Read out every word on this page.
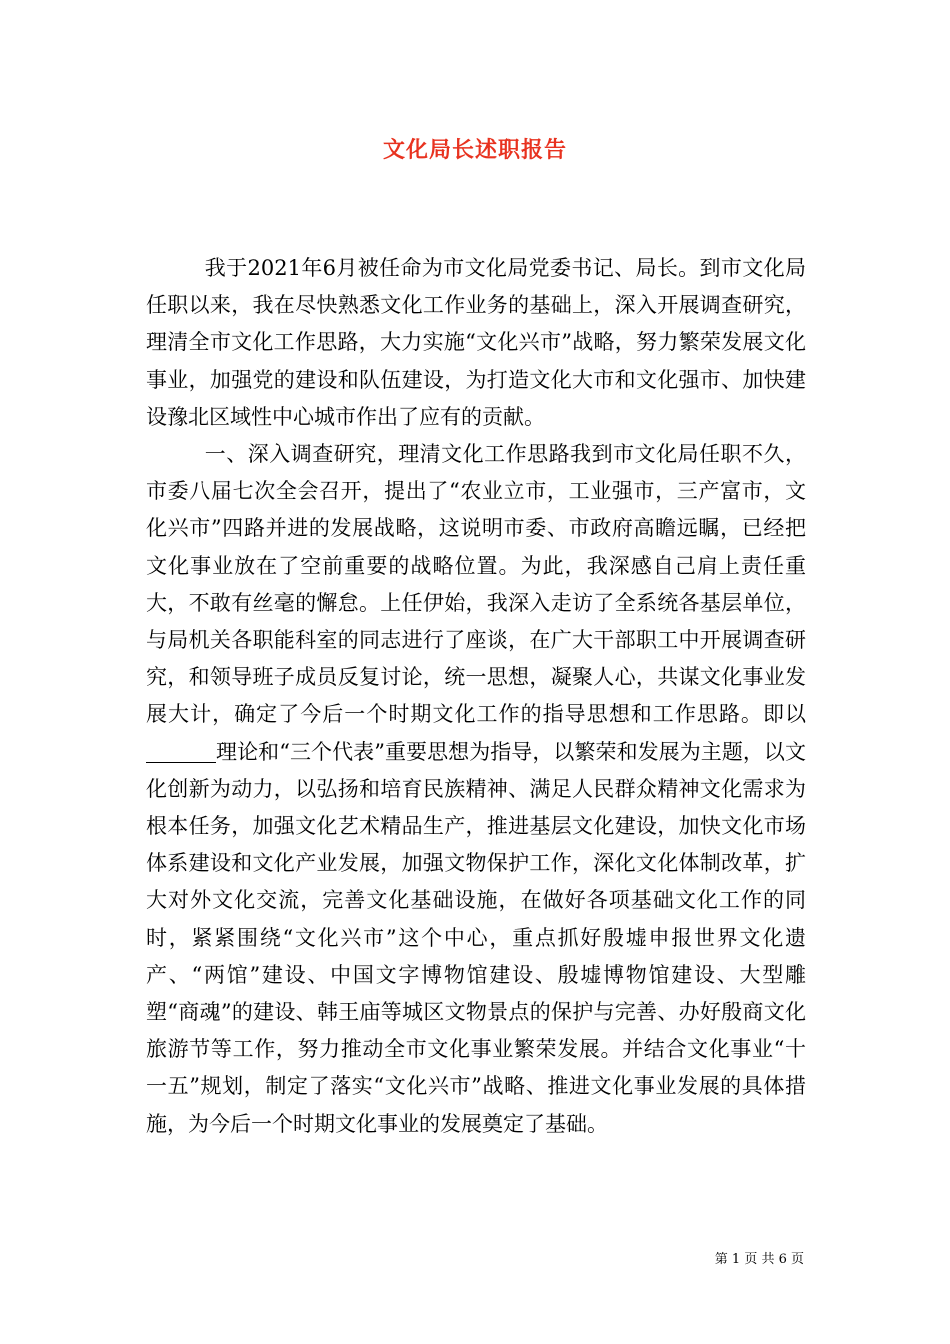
文化局长述职报告

我于2021年6月被任命为市文化局党委书记、局长。到市文化局任职以来，我在尽快熟悉文化工作业务的基础上，深入开展调查研究，理清全市文化工作思路，大力实施“文化兴市”战略，努力繁荣发展文化事业，加强党的建设和队伍建设，为打造文化大市和文化强市、加快建设豫北区域性中心城市作出了应有的贡献。

一、深入调查研究，理清文化工作思路我到市文化局任职不久，市委八届七次全会召开，提出了“农业立市，工业强市，三产富市，文化兴市”四路并进的发展战略，这说明市委、市政府高瞻远瞩，已经把文化事业放在了空前重要的战略位置。为此，我深感自己肩上责任重大，不敢有丝毫的懈怠。上任伊始，我深入走访了全系统各基层单位，与局机关各职能科室的同志进行了座谈，在广大干部职工中开展调查研究，和领导班子成员反复讨论，统一思想，凝聚人心，共谋文化事业发展大计，确定了今后一个时期文化工作的指导思想和工作思路。即以理论和“三个代表”重要思想为指导，以繁荣和发展为主题，以文化创新为动力，以弘扬和培育民族精神、满足人民群众精神文化需求为根本任务，加强文化艺术精品生产，推进基层文化建设，加快文化市场体系建设和文化产业发展，加强文物保护工作，深化文化体制改革，扩大对外文化交流，完善文化基础设施，在做好各项基础文化工作的同时，紧紧围绕“文化兴市”这个中心，重点抓好殷墟申报世界文化遗产、“两馆”建设、中国文字博物馆建设、殷墟博物馆建设、大型雕塑“商魂”的建设、韩王庙等城区文物景点的保护与完善、办好殷商文化旅游节等工作，努力推动全市文化事业繁荣发展。并结合文化事业“十一五”规划，制定了落实“文化兴市”战略、推进文化事业发展的具体措施，为今后一个时期文化事业的发展奠定了基础。

第 1 页 共 6 页
